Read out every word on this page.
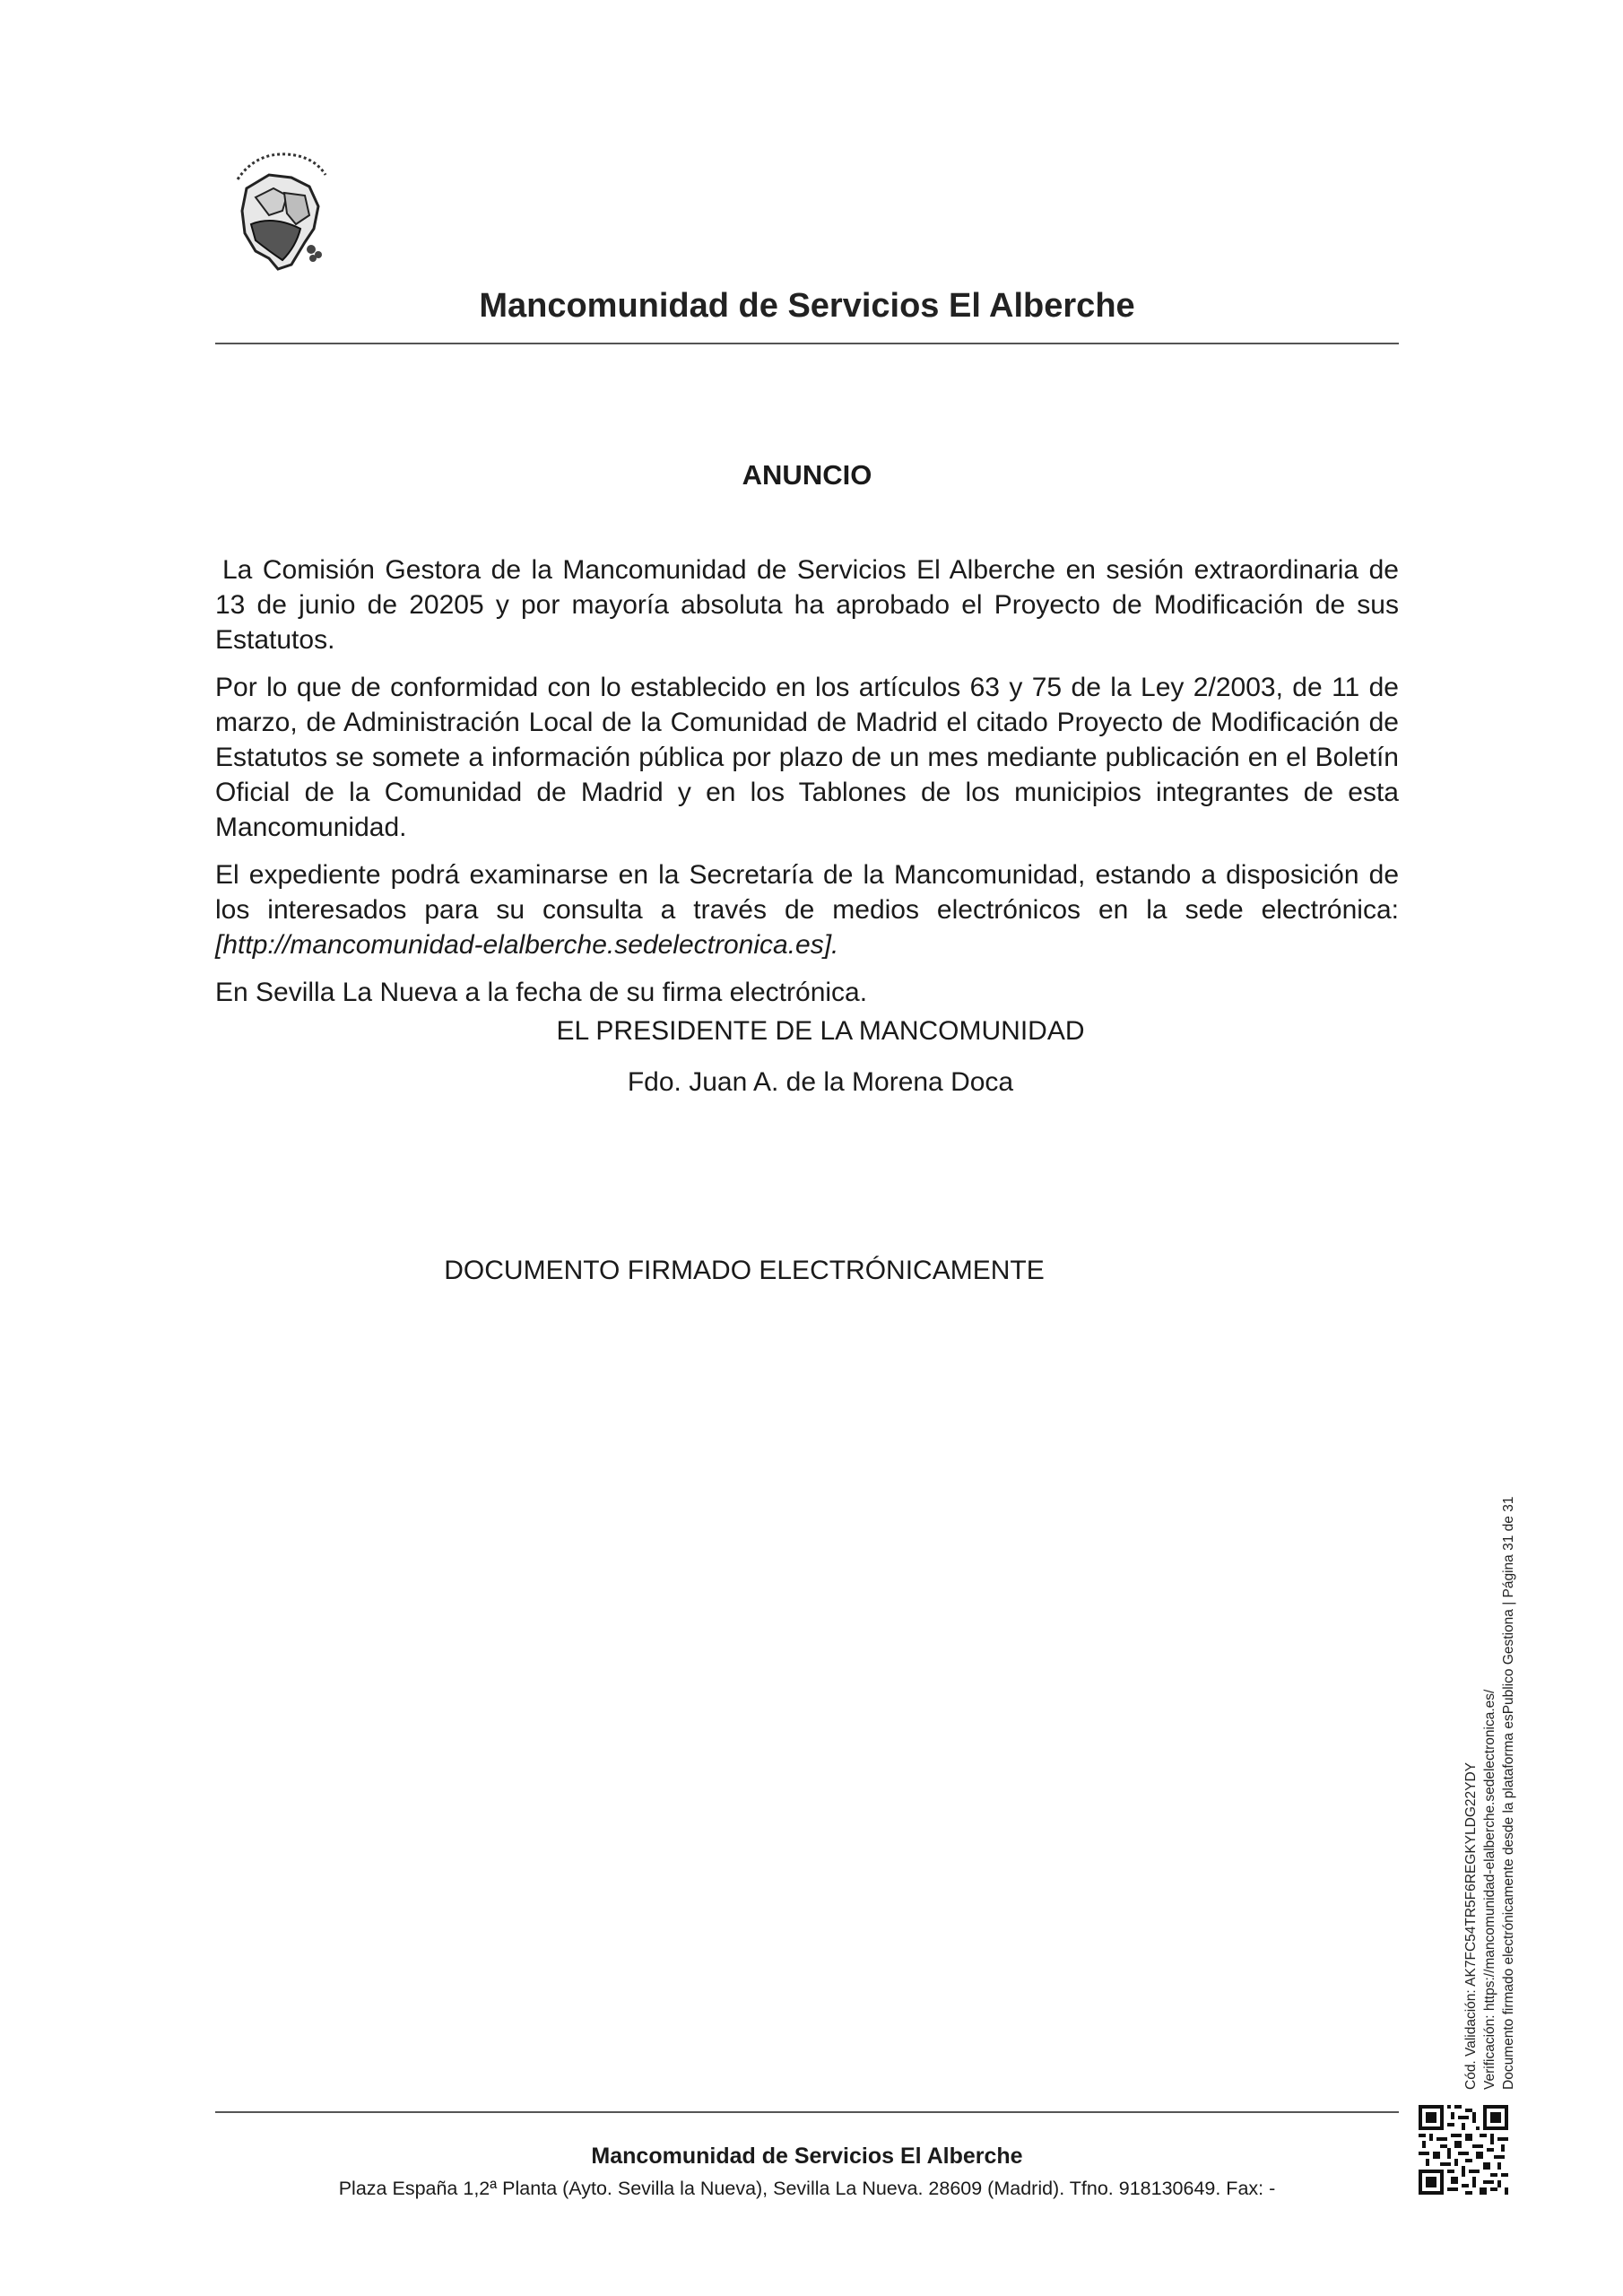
Mancomunidad de Servicios El Alberche
ANUNCIO

La Comisión Gestora de la Mancomunidad de Servicios El Alberche en sesión extraordinaria de 13 de junio de 20205 y por mayoría absoluta ha aprobado el Proyecto de Modificación de sus Estatutos.

Por lo que de conformidad con lo establecido en los artículos 63 y 75 de la Ley 2/2003, de 11 de marzo, de Administración Local de la Comunidad de Madrid el citado Proyecto de Modificación de Estatutos se somete a información pública por plazo de un mes mediante publicación en el Boletín Oficial de la Comunidad de Madrid y en los Tablones de los municipios integrantes de esta Mancomunidad.

El expediente podrá examinarse en la Secretaría de la Mancomunidad, estando a disposición de los interesados para su consulta a través de medios electrónicos en la sede electrónica: [http://mancomunidad-elalberche.sedelectronica.es].

En Sevilla La Nueva a la fecha de su firma electrónica.

EL PRESIDENTE DE LA MANCOMUNIDAD
Fdo. Juan A. de la Morena Doca
DOCUMENTO FIRMADO ELECTRÓNICAMENTE
Cód. Validación: AK7FC54TR5F6REGKYLDG22YDY Verificación: https://mancomunidad-elalberche.sedelectronica.es/ Documento firmado electrónicamente desde la plataforma esPublico Gestiona | Página 31 de 31
Mancomunidad de Servicios El Alberche
Plaza España 1,2ª Planta (Ayto. Sevilla la Nueva), Sevilla La Nueva. 28609 (Madrid). Tfno. 918130649. Fax: -
